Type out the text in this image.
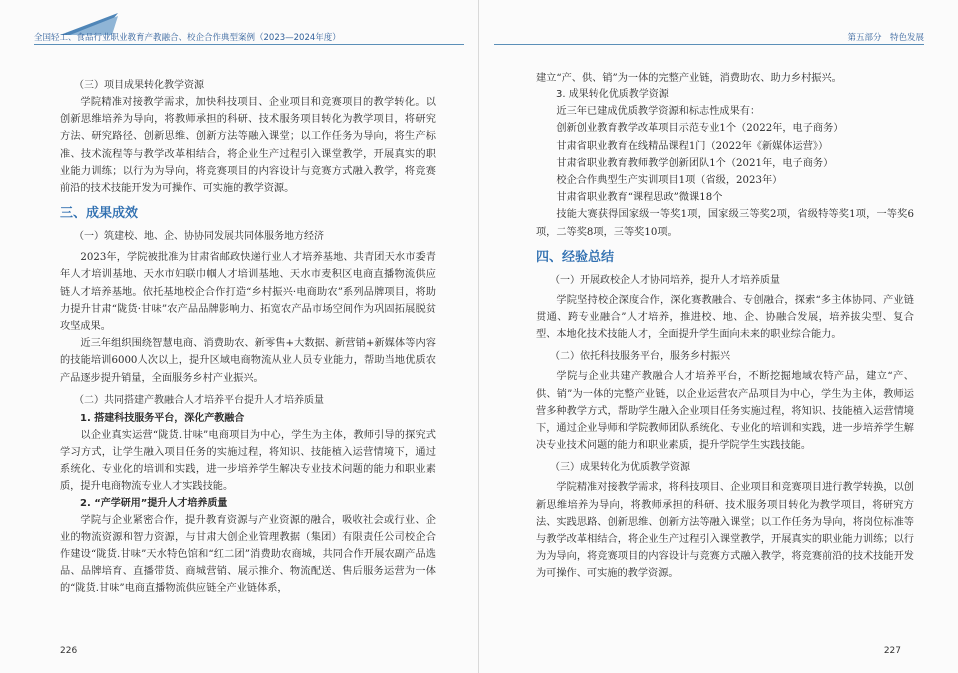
全国轻工、食品行业职业教育产教融合、校企合作典型案例（2023—2024年度）
（三）项目成果转化教学资源

学院精准对接教学需求，加快科技项目、企业项目和竞赛项目的教学转化。以创新思维培养为导向，将教师承担的科研、技术服务项目转化为教学项目，将研究方法、研究路径、创新思维、创新方法等融入课堂；以工作任务为导向，将生产标准、技术流程等与教学改革相结合，将企业生产过程引入课堂教学，开展真实的职业能力训练；以行为为导向，将竞赛项目的内容设计与竞赛方式融入教学，将竞赛前沿的技术技能开发为可操作、可实施的教学资源。

三、成果成效
（一）筑建校、地、企、协协同发展共同体服务地方经济

2023年，学院被批准为甘肃省邮政快递行业人才培养基地、共青团天水市委青年人才培训基地、天水市妇联巾帼人才培训基地、天水市麦积区电商直播物流供应链人才培养基地。依托基地校企合作打造“乡村振兴·电商助农”系列品牌项目，将助力提升甘肃“陇货·甘味”农产品品牌影响力、拓宽农产品市场空间作为巩固拓展脱贫攻坚成果。

近三年组织围绕智慧电商、消费助农、新零售+大数据、新营销+新媒体等内容的技能培训6000人次以上，提升区域电商物流从业人员专业能力，帮助当地优质农产品逐步提升销量，全面服务乡村产业振兴。

（二）共同搭建产教融合人才培养平台提升人才培养质量
1. 搭建科技服务平台，深化产教融合

以企业真实运营“陇货.甘味”电商项目为中心，学生为主体，教师引导的探究式学习方式，让学生融入项目任务的实施过程，将知识、技能植入运营情境下，通过系统化、专业化的培训和实践，进一步培养学生解决专业技术问题的能力和职业素质，提升电商物流专业人才实践技能。

2. “产学研用”提升人才培养质量

学院与企业紧密合作，提升教育资源与产业资源的融合，吸收社会或行业、企业的物流资源和智力资源，与甘肃大创企业管理教据（集团）有限责任公司校企合作建设“陇货.甘味”天水特色馆和“红二团”消费助农商城，共同合作开展农副产品选品、品牌培育、直播带货、商城营销、展示推介、物流配送、售后服务运营为一体的“陇货.甘味”电商直播物流供应链全产业链体系，

226
第五部分　特色发展

建立“产、供、销”为一体的完整产业链，消费助农、助力乡村振兴。

3. 成果转化优质教学资源

近三年已建成优质教学资源和标志性成果有：

创新创业教育教学改革项目示范专业1个（2022年，电子商务）

甘肃省职业教育在线精品课程1门（2022年《新媒体运营》）

甘肃省职业教育教师教学创新团队1个（2021年，电子商务）

校企合作典型生产实训项目1项（省级，2023年）

甘肃省职业教育“课程思政”微课18个

技能大赛获得国家级一等奖1项，国家级三等奖2项，省级特等奖1项，一等奖6项，二等奖8项，三等奖10项。

四、经验总结
（一）开展政校企人才协同培养，提升人才培养质量

学院坚持校企深度合作，深化赛教融合、专创融合，探索“多主体协同、产业链贯通、跨专业融合”人才培养，推进校、地、企、协融合发展，培养拔尖型、复合型、本地化技术技能人才，全面提升学生面向未来的职业综合能力。

（二）依托科技服务平台，服务乡村振兴

学院与企业共建产教融合人才培养平台，不断挖掘地域农特产品，建立“产、供、销”为一体的完整产业链，以企业运营农产品项目为中心，学生为主体，教师运营多种教学方式，帮助学生融入企业项目任务实施过程，将知识、技能植入运营情境下，通过企业导师和学院教师团队系统化、专业化的培训和实践，进一步培养学生解决专业技术问题的能力和职业素质，提升学院学生实践技能。

（三）成果转化为优质教学资源

学院精准对接教学需求，将科技项目、企业项目和竞赛项目进行教学转换，以创新思维培养为导向，将教师承担的科研、技术服务项目转化为教学项目，将研究方法、实践思路、创新思维、创新方法等融入课堂；以工作任务为导向，将岗位标准等与教学改革相结合，将企业生产过程引入课堂教学，开展真实的职业能力训练；以行为为导向，将竞赛项目的内容设计与竞赛方式融入教学，将竞赛前沿的技术技能开发为可操作、可实施的教学资源。

227
